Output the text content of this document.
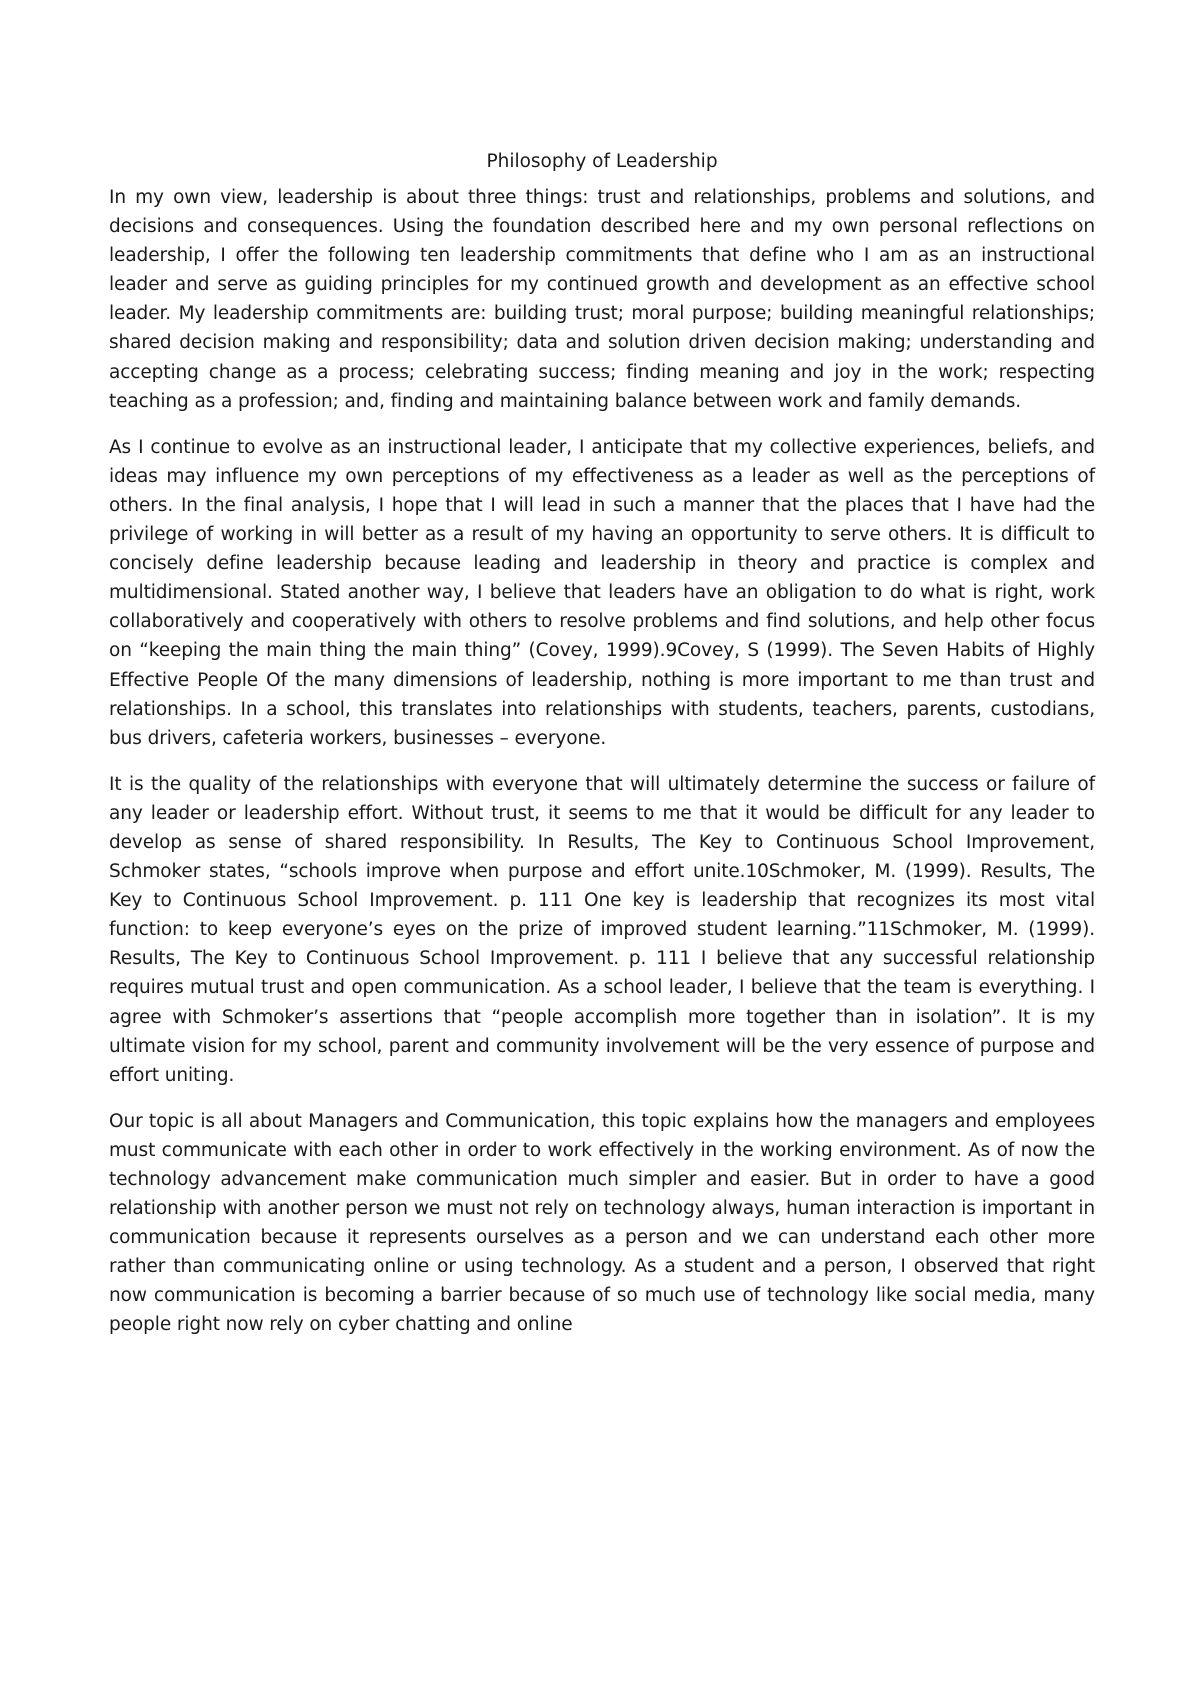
Philosophy of Leadership

In my own view, leadership is about three things: trust and relationships, problems and solutions, and decisions and consequences. Using the foundation described here and my own personal reflections on leadership, I offer the following ten leadership commitments that define who I am as an instructional leader and serve as guiding principles for my continued growth and development as an effective school leader. My leadership commitments are: building trust; moral purpose; building meaningful relationships; shared decision making and responsibility; data and solution driven decision making; understanding and accepting change as a process; celebrating success; finding meaning and joy in the work; respecting teaching as a profession; and, finding and maintaining balance between work and family demands.

As I continue to evolve as an instructional leader, I anticipate that my collective experiences, beliefs, and ideas may influence my own perceptions of my effectiveness as a leader as well as the perceptions of others. In the final analysis, I hope that I will lead in such a manner that the places that I have had the privilege of working in will better as a result of my having an opportunity to serve others. It is difficult to concisely define leadership because leading and leadership in theory and practice is complex and multidimensional. Stated another way, I believe that leaders have an obligation to do what is right, work collaboratively and cooperatively with others to resolve problems and find solutions, and help other focus on “keeping the main thing the main thing” (Covey, 1999).9Covey, S (1999). The Seven Habits of Highly Effective People Of the many dimensions of leadership, nothing is more important to me than trust and relationships. In a school, this translates into relationships with students, teachers, parents, custodians, bus drivers, cafeteria workers, businesses – everyone.

It is the quality of the relationships with everyone that will ultimately determine the success or failure of any leader or leadership effort. Without trust, it seems to me that it would be difficult for any leader to develop as sense of shared responsibility. In Results, The Key to Continuous School Improvement, Schmoker states, “schools improve when purpose and effort unite.10Schmoker, M. (1999). Results, The Key to Continuous School Improvement. p. 111 One key is leadership that recognizes its most vital function: to keep everyone’s eyes on the prize of improved student learning.”11Schmoker, M. (1999). Results, The Key to Continuous School Improvement. p. 111 I believe that any successful relationship requires mutual trust and open communication. As a school leader, I believe that the team is everything. I agree with Schmoker’s assertions that “people accomplish more together than in isolation”. It is my ultimate vision for my school, parent and community involvement will be the very essence of purpose and effort uniting.

Our topic is all about Managers and Communication, this topic explains how the managers and employees must communicate with each other in order to work effectively in the working environment. As of now the technology advancement make communication much simpler and easier. But in order to have a good relationship with another person we must not rely on technology always, human interaction is important in communication because it represents ourselves as a person and we can understand each other more rather than communicating online or using technology. As a student and a person, I observed that right now communication is becoming a barrier because of so much use of technology like social media, many people right now rely on cyber chatting and online
